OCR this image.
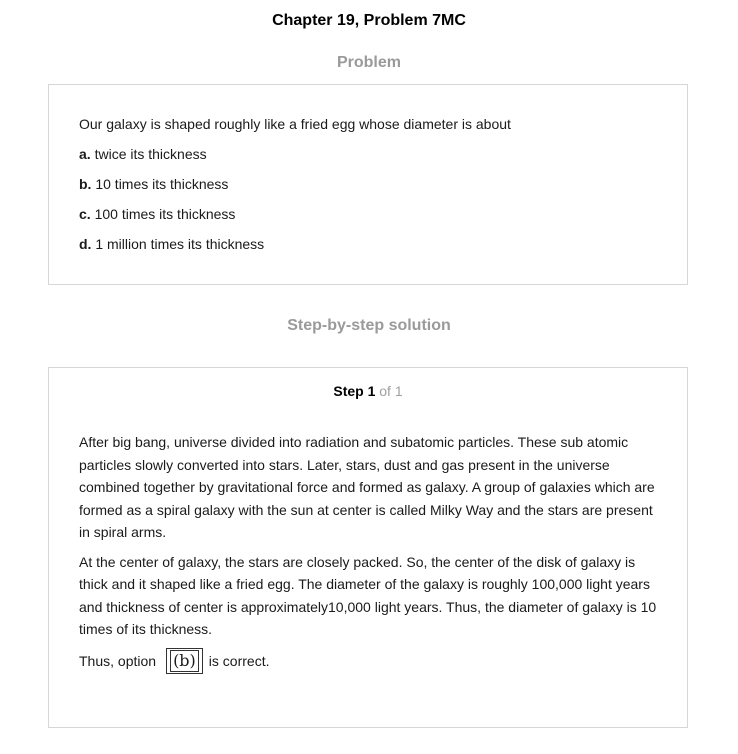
Chapter 19, Problem 7MC
Problem

Our galaxy is shaped roughly like a fried egg whose diameter is about

a. twice its thickness

b. 10 times its thickness

c. 100 times its thickness

d. 1 million times its thickness

Step-by-step solution
Step 1 of 1

After big bang, universe divided into radiation and subatomic particles. These sub atomic particles slowly converted into stars. Later, stars, dust and gas present in the universe combined together by gravitational force and formed as galaxy. A group of galaxies which are formed as a spiral galaxy with the sun at center is called Milky Way and the stars are present in spiral arms.

At the center of galaxy, the stars are closely packed. So, the center of the disk of galaxy is thick and it shaped like a fried egg. The diameter of the galaxy is roughly 100,000 light years and thickness of center is approximately10,000 light years. Thus, the diameter of galaxy is 10 times of its thickness.

Thus, option	(b) is correct.
